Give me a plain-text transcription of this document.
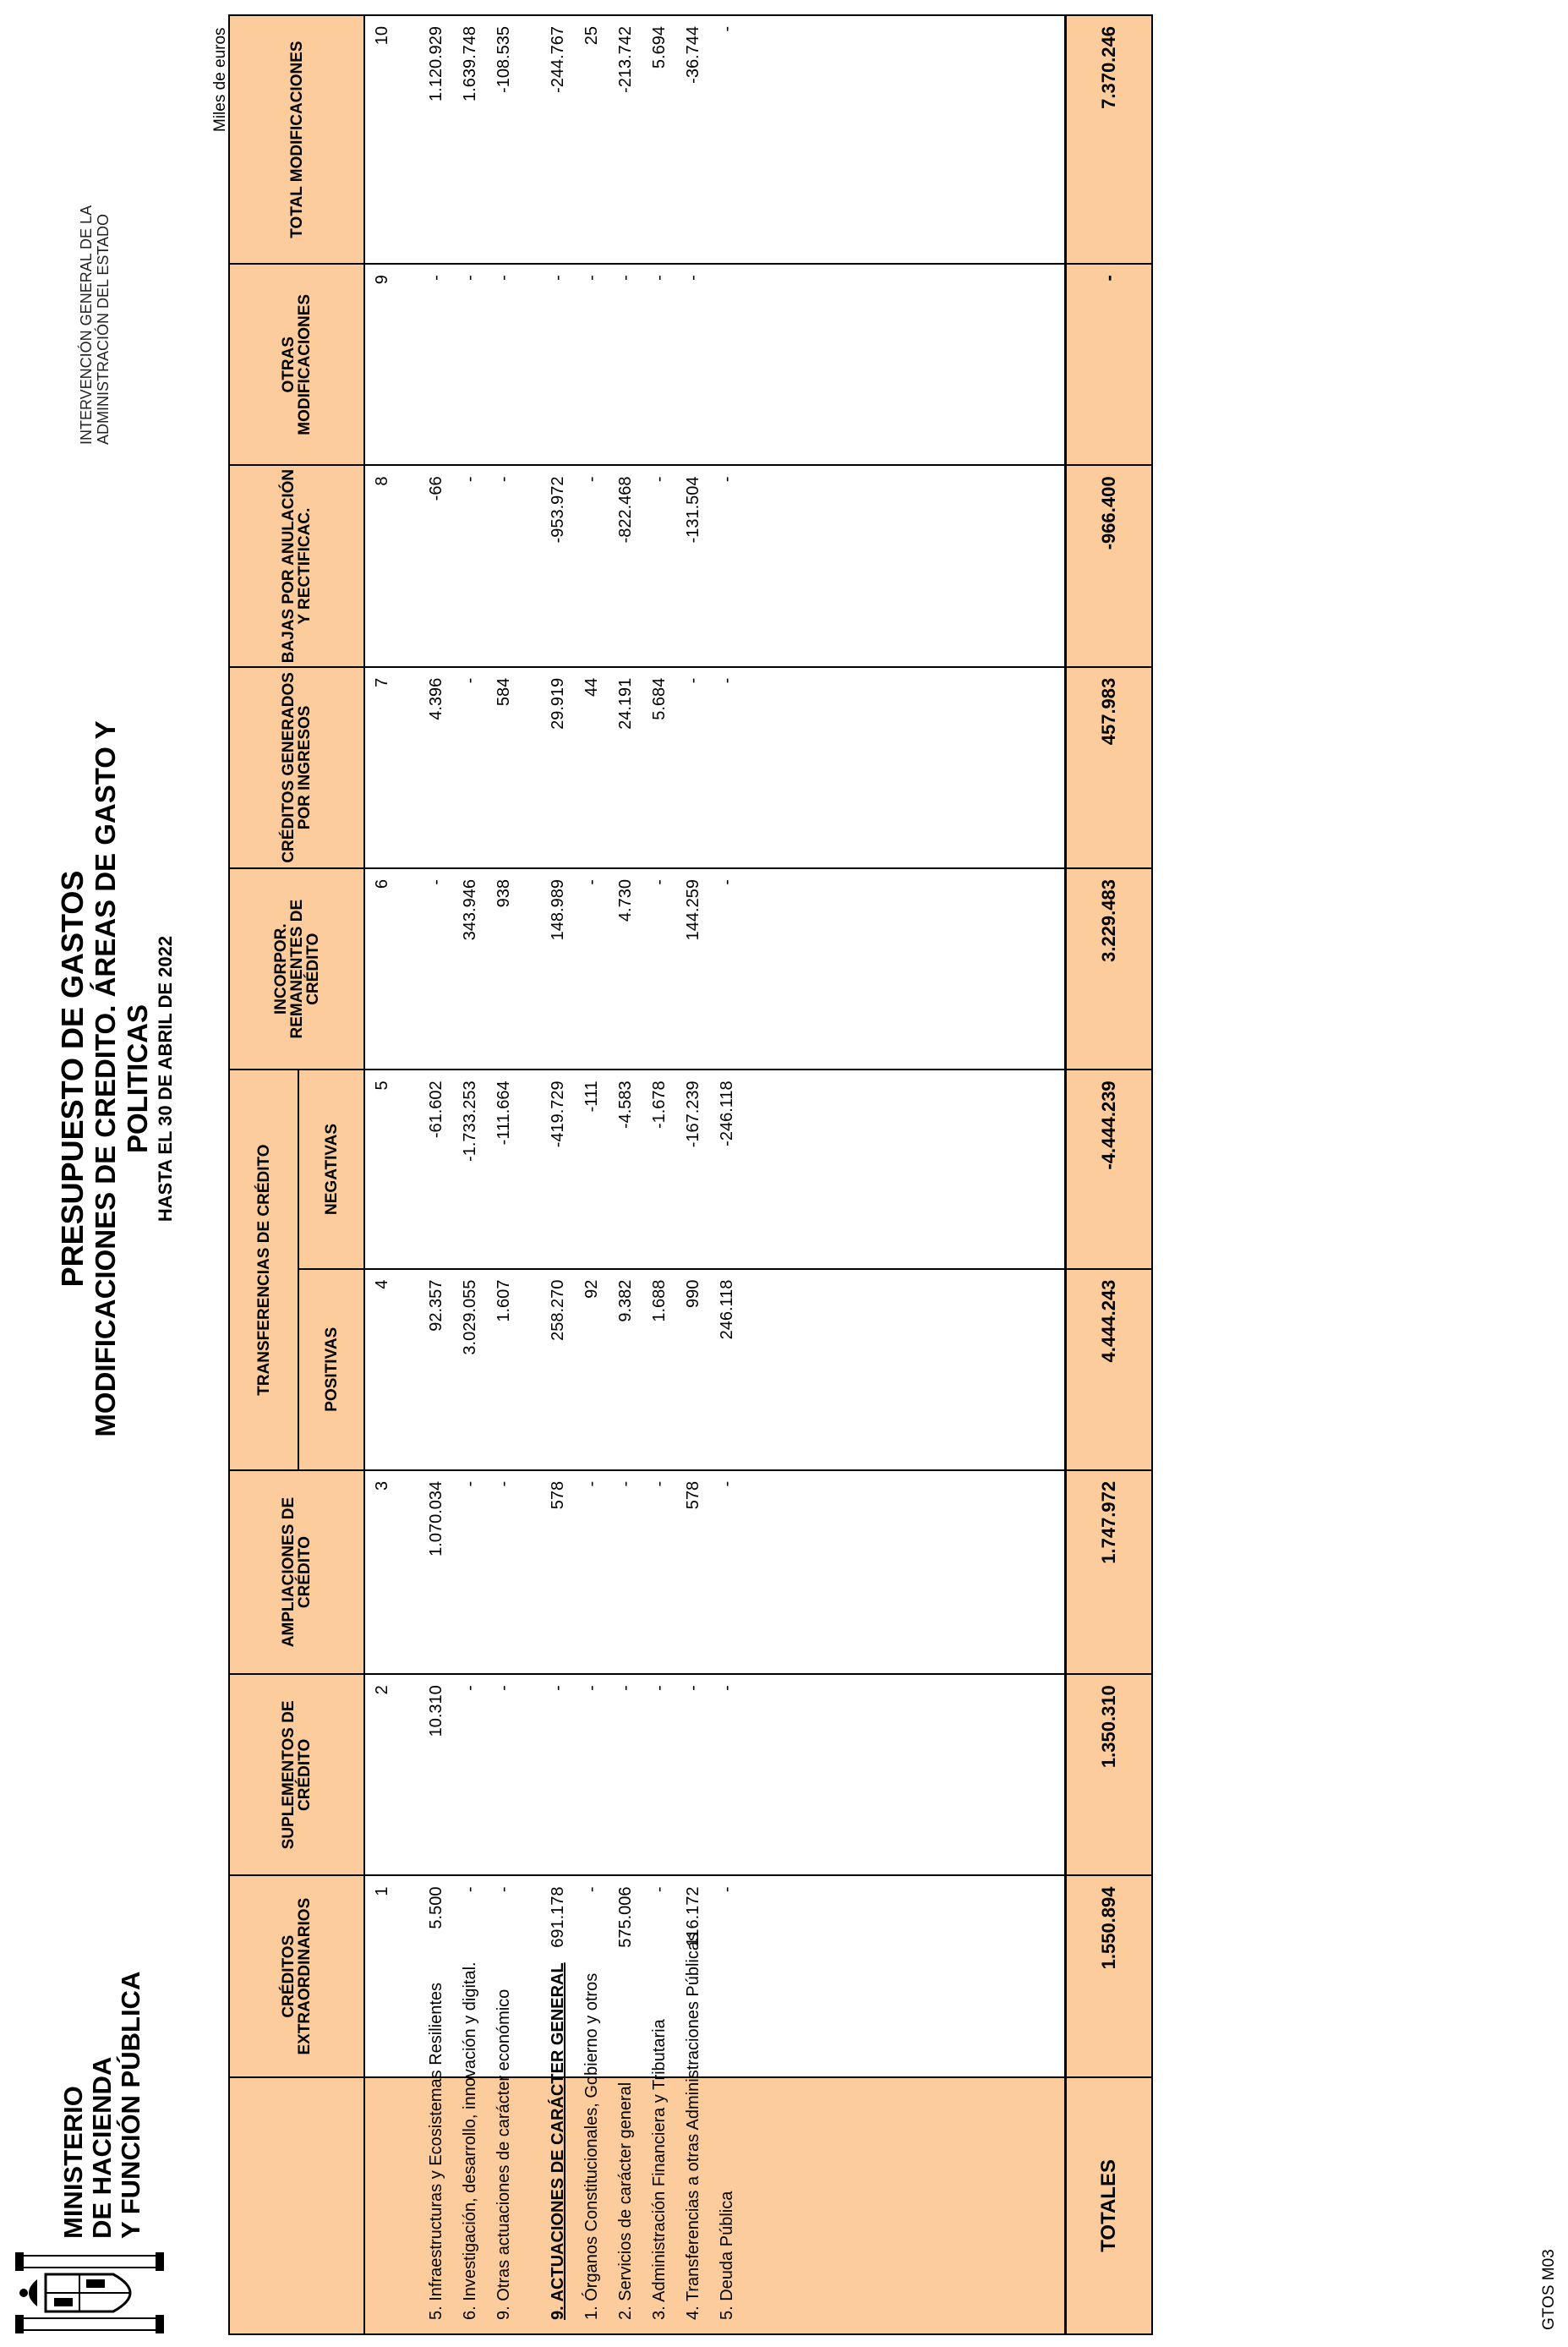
MINISTERIO DE HACIENDA Y FUNCIÓN PÚBLICA
PRESUPUESTO DE GASTOS MODIFICACIONES DE CREDITO. ÁREAS DE GASTO Y POLITICAS HASTA EL 30 DE ABRIL DE 2022
INTERVENCIÓN GENERAL DE LA ADMINISTRACIÓN DEL ESTADO
Miles de euros
GTOS M03
	CRÉDITOS EXTRAORDINARIOS	SUPLEMENTOS DE CRÉDITO	AMPLIACIONES DE CRÉDITO	TRANSFERENCIAS DE CRÉDITO		INCORPOR. REMANENTES DE CRÉDITO	CRÉDITOS GENERADOS POR INGRESOS	BAJAS POR ANULACIÓN Y RECTIFICAC.	OTRAS MODIFICACIONES	TOTAL MODIFICACIONES
				POSITIVAS	NEGATIVAS					
	1	2	3	4	5	6	7	8	9	10

5. Infraestructuras y Ecosistemas Resilientes	5.500	10.310	1.070.034	92.357	-61.602	-	4.396	-66	-	1.120.929
6. Investigación, desarrollo, innovación y digital.	-	-	-	3.029.055	-1.733.253	343.946	-	-	-	1.639.748
9. Otras actuaciones de carácter económico	-	-	-	1.607	-111.664	938	584	-	-	-108.535

9. ACTUACIONES DE CARÁCTER GENERAL	691.178	-	578	258.270	-419.729	148.989	29.919	-953.972	-	-244.767
1. Órganos Constitucionales, Gobierno y otros	-	-	-	92	-111	-	44	-	-	25
2. Servicios de carácter general	575.006	-	-	9.382	-4.583	4.730	24.191	-822.468	-	-213.742
3. Administración Financiera y Tributaria	-	-	-	1.688	-1.678	-	5.684	-	-	5.694
4. Transferencias a otras Administraciones Públicas	116.172	-	578	990	-167.239	144.259	-	-131.504	-	-36.744
5. Deuda Pública	-	-	-	246.118	-246.118	-	-	-		-

TOTALES	1.550.894	1.350.310	1.747.972	4.444.243	-4.444.239	3.229.483	457.983	-966.400	-	7.370.246
